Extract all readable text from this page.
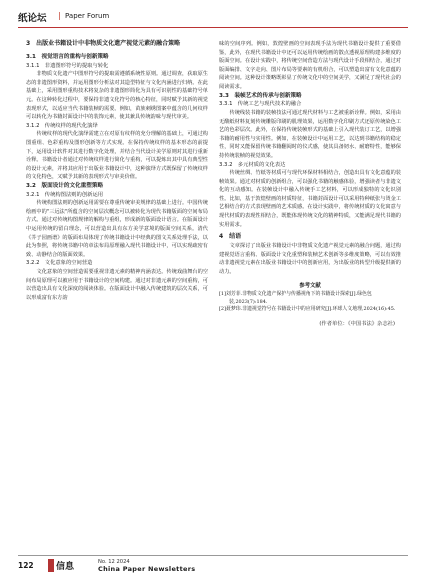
纸论坛 | Paper Forum
3　出版业书籍设计中非物质文化遗产视觉元素的融合策略
3.1　视觉语言的重构与创新策略
3.1.1　非遗图形符号的提取与转化

非物质文化遗产中图形符号的提取需遵循系统性原则。通过调查，获取原生态的非遗图形资料，并运用图形分析法对其造型特征与文化内涵进行归纳。在此基础上，采用图形重构技术将复杂的非遗图形简化为具有可识别性的基础符号单元。在这种转化过程中，要保持非遗文化符号的核心特征，同时赋予其新的视觉表现形式，以适应当代书籍装帧的需要。例如，苗族刺绣图案中蕴含的几何纹样可以转化为书籍封面设计中的装饰元素，使其兼具传统韵味与现代审美。

3.1.2　传统纹样的现代化演绎

传统纹样的现代化演绎需建立在对原有纹样的充分理解的基础上，可通过构图重组、色彩重构及图形创新等方式实现。在保持传统纹样的基本形态的前提下，运用设计软件对其进行数字化处理，并结合当代设计美学原则对其进行重新诠释。书籍设计者通过对传统纹样进行简化与重构，可以提炼出其中具有典型性的设计元素，并将其应用于出版业书籍设计中，这种演绎方式既保留了传统纹样的文化特色，又赋予其新的表现形式与审美价值。

3.2　版面设计的文化重塑策略
3.2.1　传统构图法则的创新运用

传统构图法则的创新运用需要在尊重传统审美规律的基础上进行。中国传统绘画中的"三远法"所蕴含的空间层次概念可以被转化为现代书籍版面的空间布局方式。通过对传统构图规律的解构与重组，形成新的版面设计语言。在版面设计中运用传统的留白理念，可以营造出具有东方美学意境的版面空间关系。清代《芥子园画谱》的版面布局体现了传统书籍设计中经典的图文关系处理手法，以此为参照，将传统书籍中的章法布局原理融入现代书籍设计中，可以实现疏密有致、动静结合的版面效果。

3.2.2　文化意象的空间营造

文化意象的空间营造需要重视非遗元素的精神内涵表达。传统戏曲舞台的空间布局原理可以被应用于书籍设计的空间构建。通过对非遗元素的空间重构，可以营造出具有文化深度的阅读体验。在版面设计中融入传统建筑的层次关系，可以形成富有东方韵

味的空间序列。例如，敦煌壁画的空间表现手法为现代书籍设计提供了重要借鉴，此外，在现代书籍设计中还可以运用传统绘画的散点透视原理构建多维度的版面空间。在设计实践中，将传统空间营造方法与现代设计手段相结合，通过对版面编排、文字走向、图片布局等要素的有机组合，可以塑造出富有文化意蕴的阅读空间。这种设计策略既彰显了传统文化中的空间美学，又满足了现代社会的阅读需求。

3.3　装帧艺术的传承与创新策略
3.3.1　传统工艺与现代技术的融合

传统线装书籍的装帧技法可通过现代材料与工艺被重新诠释。例如，采用由无酸纸材料复刻传统雕版印刷的肌理效果，运用数字化印刷方式还原传统染色工艺的色彩层次。此外，在保持传统装帧形式的基础上引入现代装订工艺，以增强书籍的耐用性与实用性。例如，在装帧设计中运用工艺，以达到书籍结构的稳定性，同时又能保留传统书籍翻阅时的仪式感，使其具备韧水、耐磨特性，能够保持传统装帧的视觉效果。

3.3.2　多元材质的文化表达

传统丝绸、竹纸等材质可与现代环保材料相结合，创造出具有文化意蕴的装帧效果。通过对材质的创新组合，可以强化书籍的触感体验，增强读者与非遗文化的互动感知。在装帧设计中融入传统手工艺材料，可以形成独特的文化识别性。比如，基于敦煌壁画的材质特征，书籍封面设计可以采用特种纸张与烫金工艺相结合的方式表现壁画的艺术质感。在设计实践中，将传统材质的文化寓意与现代材质的表现性相结合，既能体现传统文化的精神特质，又能满足现代书籍的实用需求。

4　结语

文章探讨了出版业书籍设计中非物质文化遗产视觉元素的融合问题，通过构建视觉语言重构、版面设计文化重塑和装帧艺术创新等多维度策略，可以有效推动非遗视觉元素在出版业书籍设计中的创新应用，为出版业的转型升级提供新的动力。

参考文献

[1]刘芳菲.非物质文化遗产保护与传播视角下的书籍设计探索[J].绿色包装,2023(7):184.

[2]聂梦玮.非遗视觉符号在书籍设计中的应用研究[J].环球人文地理,2024(16):45.

(作者单位：《中国书法》杂志社)
122 信息	No. 12 2024
China Paper Newsletters
